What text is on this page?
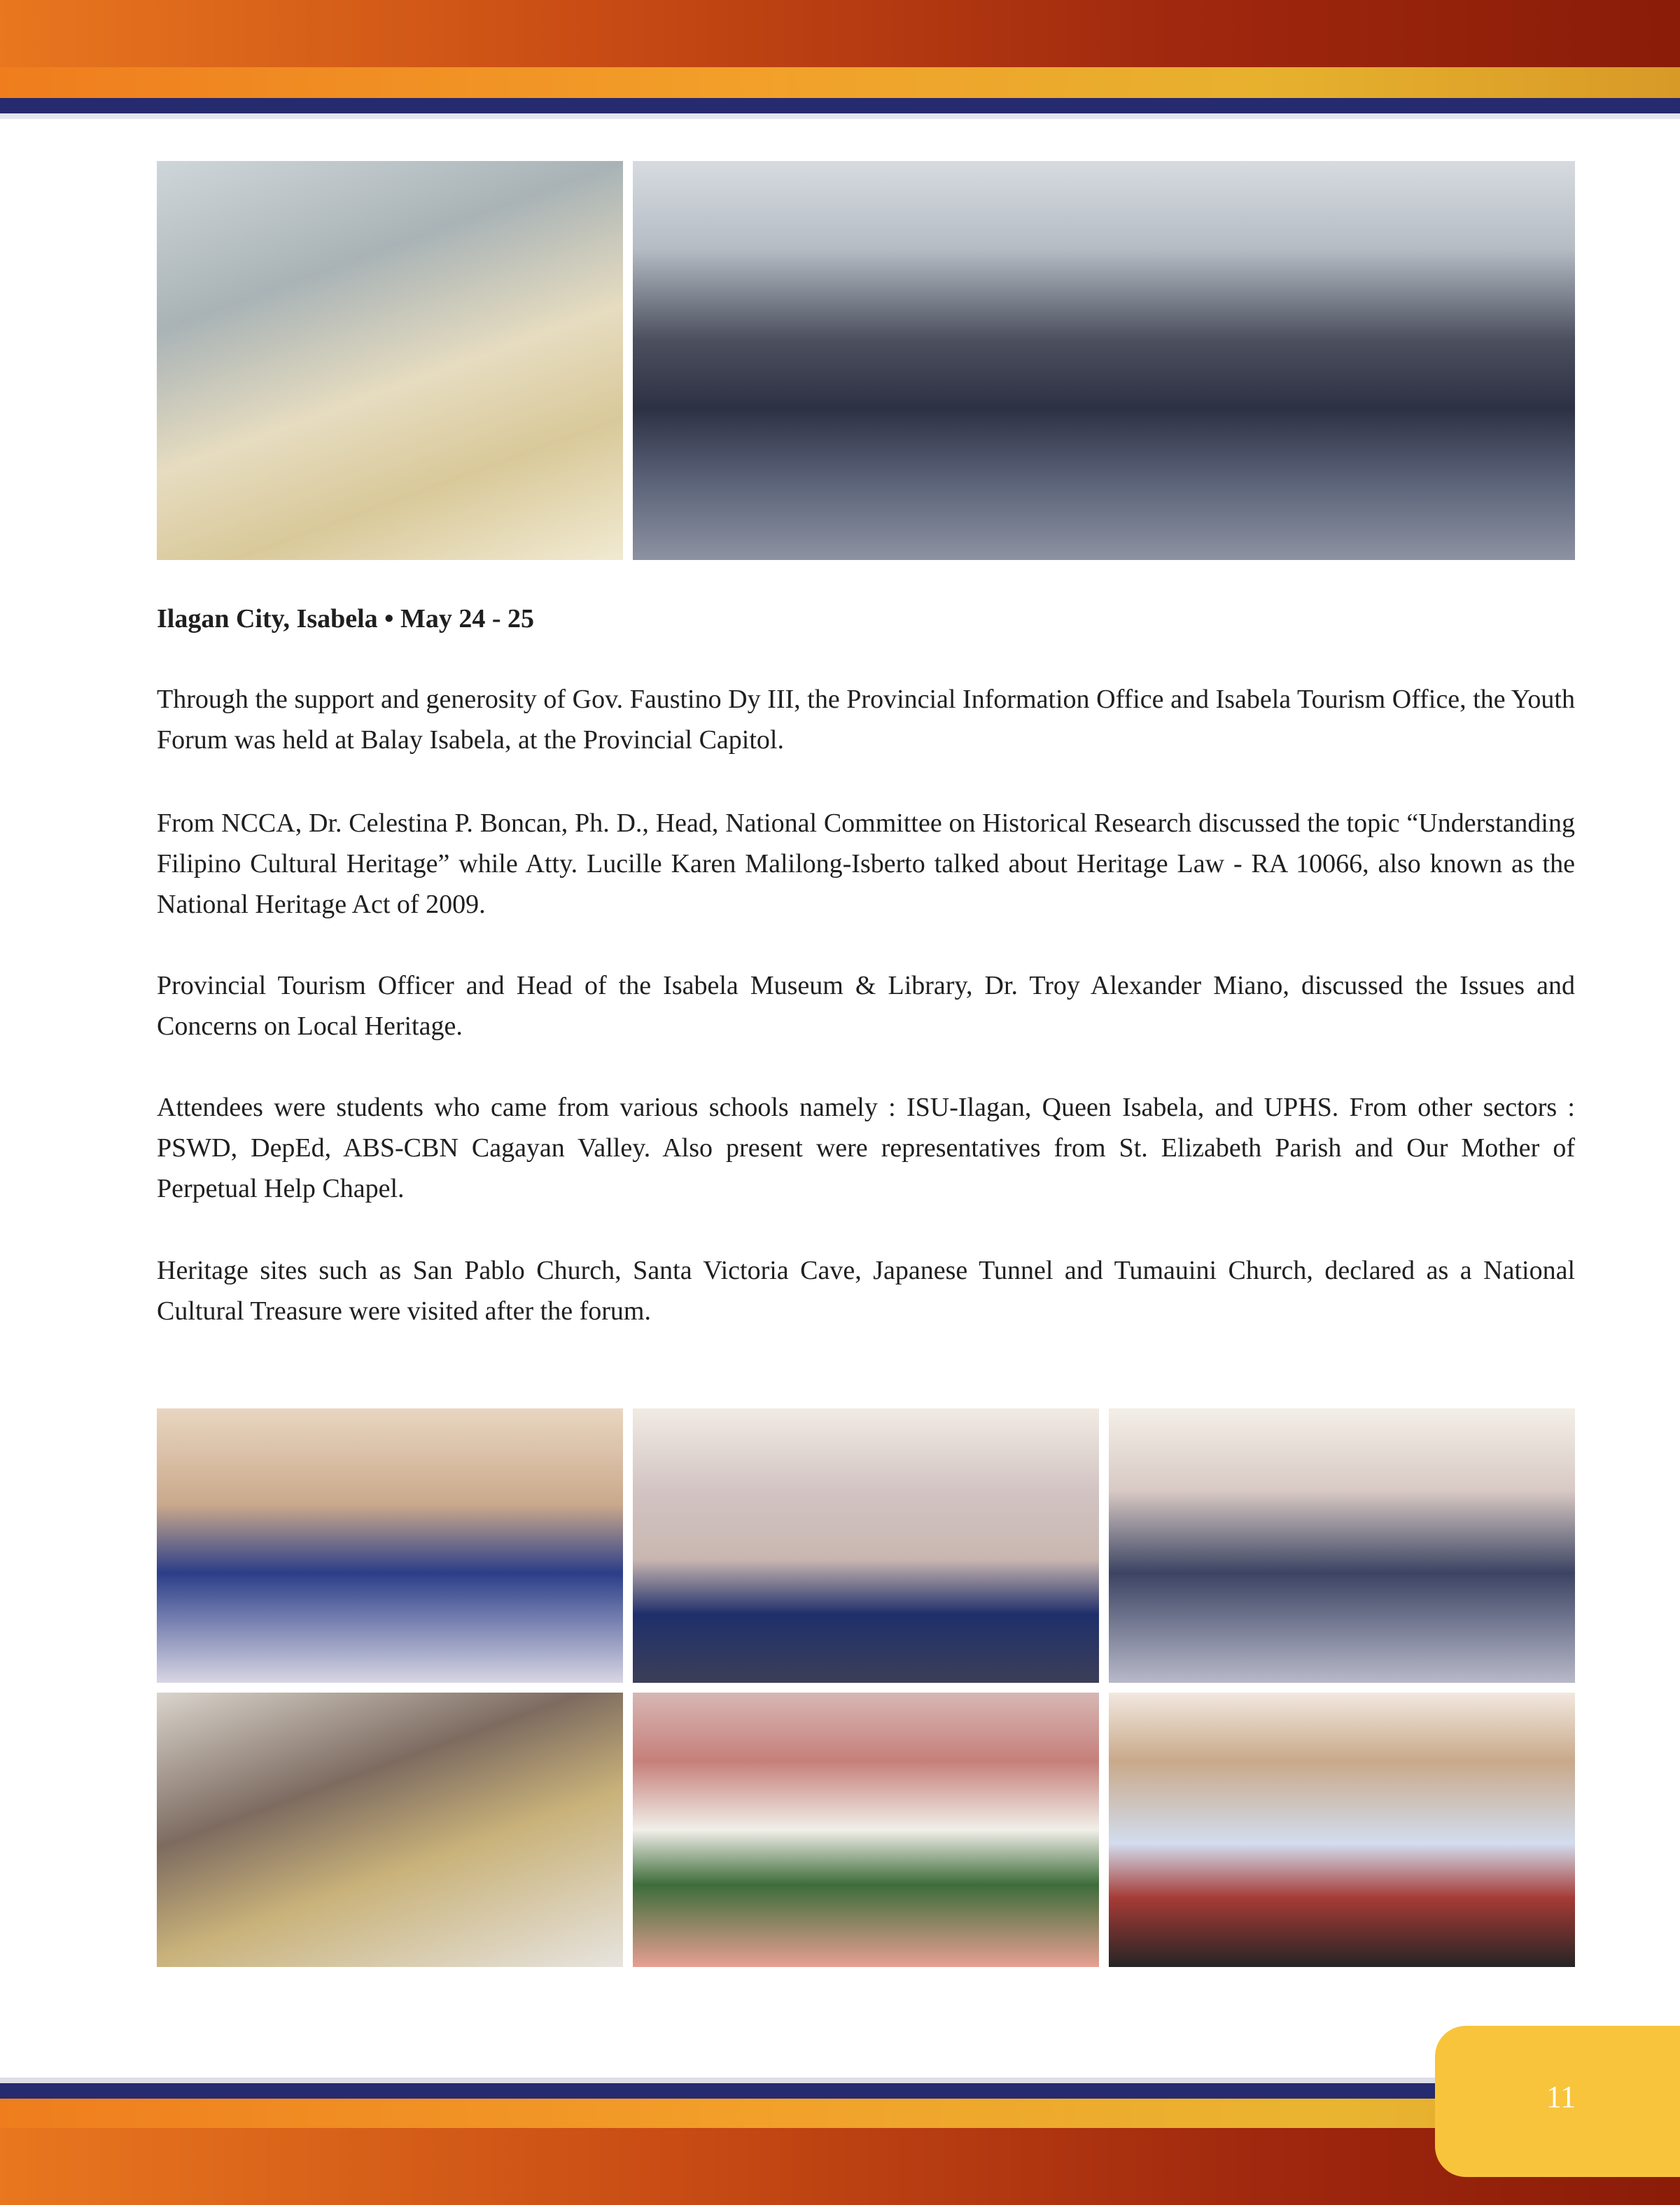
Ilagan City, Isabela • May 24 - 25

Through the support and generosity of Gov. Faustino Dy III, the Provincial Information Office and Isabela Tourism Office, the Youth Forum was held at Balay Isabela, at the Provincial Capitol.

From NCCA, Dr. Celestina P. Boncan, Ph. D., Head, National Committee on Historical Research discussed the topic “Understanding Filipino Cultural Heritage” while Atty. Lucille Karen Malilong-Isberto talked about Heritage Law - RA 10066, also known as the National Heritage Act of 2009.

Provincial Tourism Officer and Head of the Isabela Museum & Library, Dr. Troy Alexander Miano, discussed the Issues and Concerns on Local Heritage.

Attendees were students who came from various schools namely : ISU-Ilagan, Queen Isabela, and UPHS. From other sectors : PSWD, DepEd, ABS-CBN Cagayan Valley. Also present were representatives from St. Elizabeth Parish and Our Mother of Perpetual Help Chapel.

Heritage sites such as San Pablo Church, Santa Victoria Cave, Japanese Tunnel and Tumauini Church, declared as a National Cultural Treasure were visited after the forum.

11
